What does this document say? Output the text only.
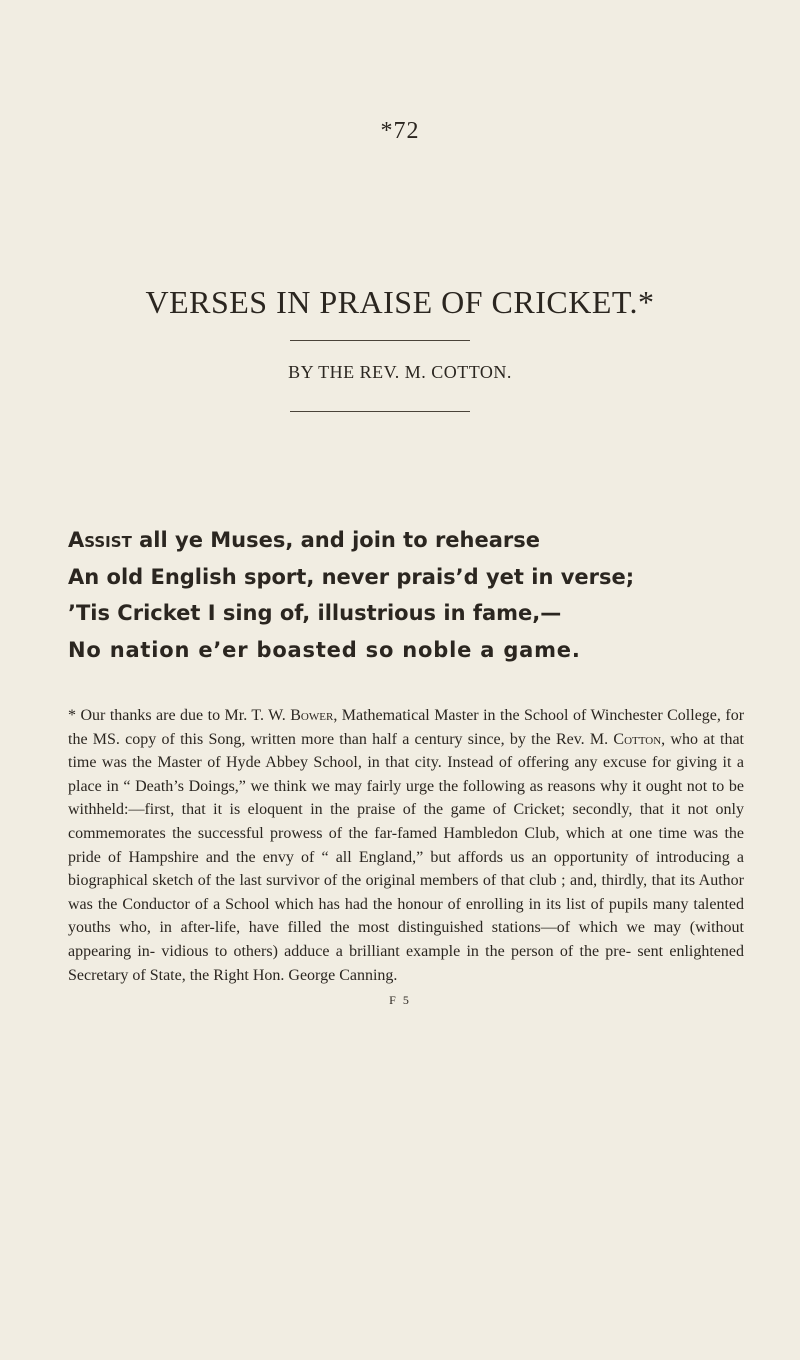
*72
VERSES IN PRAISE OF CRICKET.*
BY THE REV. M. COTTON.
Assist all ye Muses, and join to rehearse
An old English sport, never prais’d yet in verse;
’Tis Cricket I sing of, illustrious in fame,—
No nation e’er boasted so noble a game.
* Our thanks are due to Mr. T. W. Bower, Mathematical Master in the School of Winchester College, for the MS. copy of this Song, written more than half a century since, by the Rev. M. Cotton, who at that time was the Master of Hyde Abbey School, in that city. Instead of offering any excuse for giving it a place in “ Death’s Doings,” we think we may fairly urge the following as reasons why it ought not to be withheld:—first, that it is eloquent in the praise of the game of Cricket; secondly, that it not only commemorates the successful prowess of the far-famed Hambledon Club, which at one time was the pride of Hampshire and the envy of “ all England,” but affords us an opportunity of introducing a biographical sketch of the last survivor of the original members of that club ; and, thirdly, that its Author was the Conductor of a School which has had the honour of enrolling in its list of pupils many talented youths who, in after-life, have filled the most distinguished stations—of which we may (without appearing in- vidious to others) adduce a brilliant example in the person of the pre- sent enlightened Secretary of State, the Right Hon. George Canning.
F 5
